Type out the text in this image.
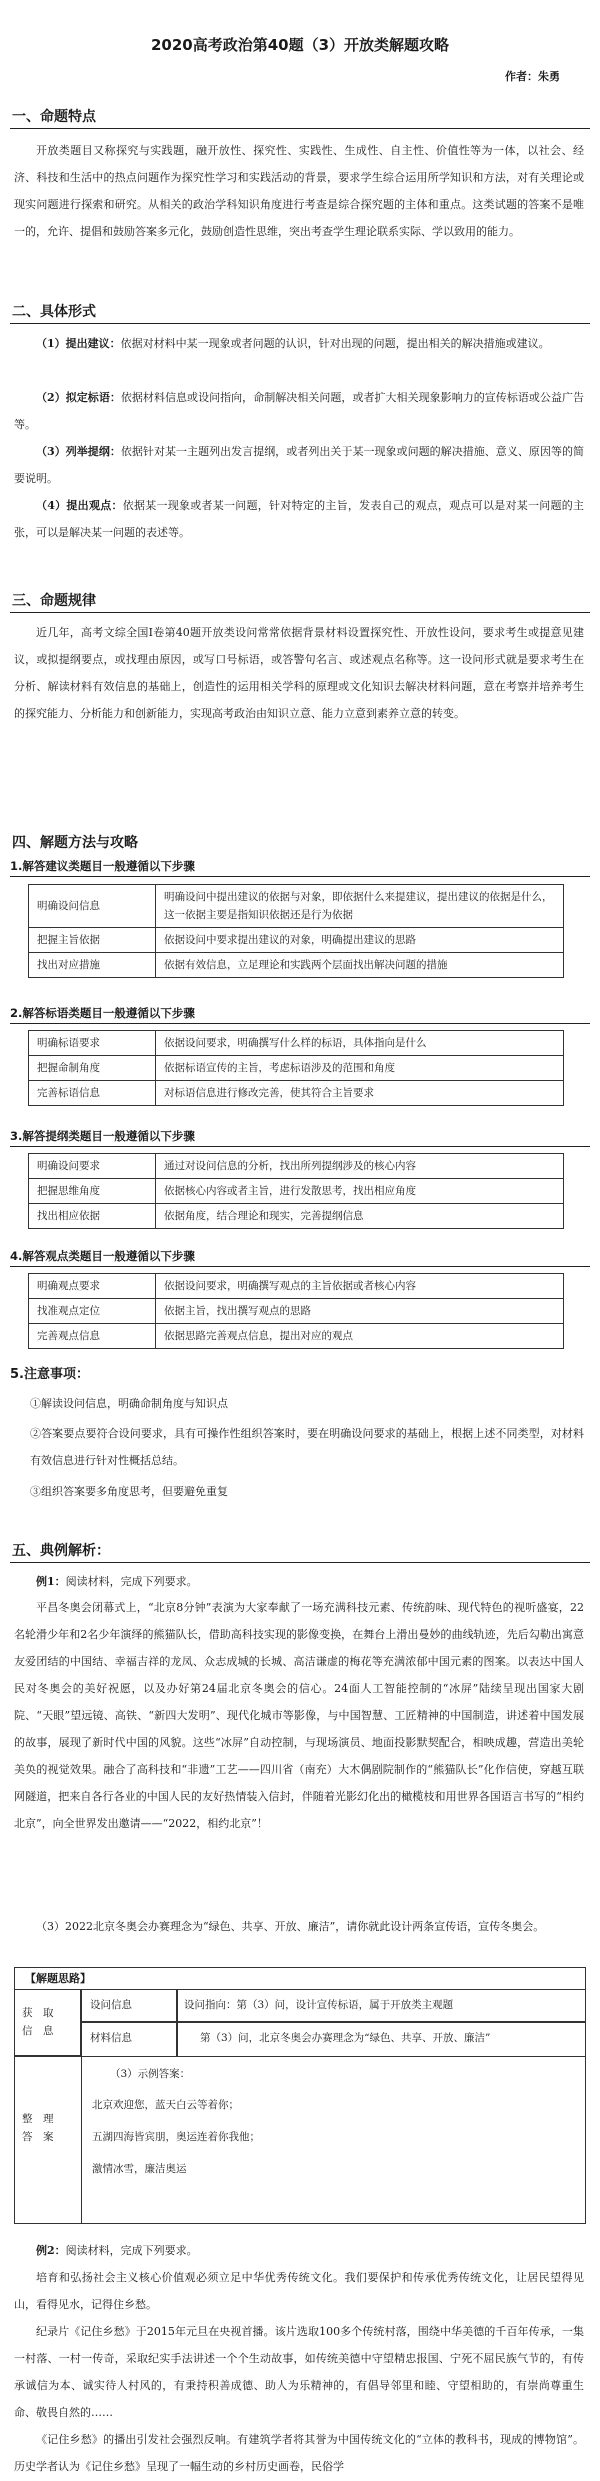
2020高考政治第40题（3）开放类解题攻略
作者：朱勇
一、命题特点

开放类题目又称探究与实践题，融开放性、探究性、实践性、生成性、自主性、价值性等为一体，以社会、经济、科技和生活中的热点问题作为探究性学习和实践活动的背景，要求学生综合运用所学知识和方法，对有关理论或现实问题进行探索和研究。从相关的政治学科知识角度进行考查是综合探究题的主体和重点。这类试题的答案不是唯一的，允许、提倡和鼓励答案多元化，鼓励创造性思维，突出考查学生理论联系实际、学以致用的能力。

二、具体形式

（1）提出建议：依据对材料中某一现象或者问题的认识，针对出现的问题，提出相关的解决措施或建议。

（2）拟定标语：依据材料信息或设问指向，命制解决相关问题，或者扩大相关现象影响力的宣传标语或公益广告等。

（3）列举提纲：依据针对某一主题列出发言提纲，或者列出关于某一现象或问题的解决措施、意义、原因等的简要说明。

（4）提出观点：依据某一现象或者某一问题，针对特定的主旨，发表自己的观点，观点可以是对某一问题的主张，可以是解决某一问题的表述等。

三、命题规律

近几年，高考文综全国Ⅰ卷第40题开放类设问常常依据背景材料设置探究性、开放性设问，要求考生或提意见建议，或拟提纲要点，或找理由原因，或写口号标语，或答警句名言、或述观点名称等。这一设问形式就是要求考生在分析、解读材料有效信息的基础上，创造性的运用相关学科的原理或文化知识去解决材料问题，意在考察并培养考生的探究能力、分析能力和创新能力，实现高考政治由知识立意、能力立意到素养立意的转变。

四、解题方法与攻略
1.解答建议类题目一般遵循以下步骤
明确设问信息	明确设问中提出建议的依据与对象，即依据什么来提建议，提出建议的依据是什么，这一依据主要是指知识依据还是行为依据
把握主旨依据	依据设问中要求提出建议的对象，明确提出建议的思路
找出对应措施	依据有效信息，立足理论和实践两个层面找出解决问题的措施
2.解答标语类题目一般遵循以下步骤
明确标语要求	依据设问要求，明确撰写什么样的标语，具体指向是什么
把握命制角度	依据标语宣传的主旨，考虑标语涉及的范围和角度
完善标语信息	对标语信息进行修改完善，使其符合主旨要求
3.解答提纲类题目一般遵循以下步骤
明确设问要求	通过对设问信息的分析，找出所列提纲涉及的核心内容
把握思维角度	依据核心内容或者主旨，进行发散思考，找出相应角度
找出相应依据	依据角度，结合理论和现实，完善提纲信息
4.解答观点类题目一般遵循以下步骤
明确观点要求	依据设问要求，明确撰写观点的主旨依据或者核心内容
找准观点定位	依据主旨，找出撰写观点的思路
完善观点信息	依据思路完善观点信息，提出对应的观点
5.注意事项：

①解读设问信息，明确命制角度与知识点

②答案要点要符合设问要求，具有可操作性组织答案时，要在明确设问要求的基础上，根据上述不同类型，对材料有效信息进行针对性概括总结。

③组织答案要多角度思考，但要避免重复

五、典例解析：

例1：阅读材料，完成下列要求。

平昌冬奥会闭幕式上，“北京8分钟”表演为大家奉献了一场充满科技元素、传统韵味、现代特色的视听盛宴，22名轮滑少年和2名少年演绎的熊猫队长，借助高科技实现的影像变换，在舞台上滑出曼妙的曲线轨迹，先后勾勒出寓意友爱团结的中国结、幸福吉祥的龙凤、众志成城的长城、高洁谦虚的梅花等充满浓郁中国元素的图案。以表达中国人民对冬奥会的美好祝愿，以及办好第24届北京冬奥会的信心。24面人工智能控制的“冰屏”陆续呈现出国家大剧院、“天眼”望远镜、高铁、“新四大发明”、现代化城市等影像，与中国智慧、工匠精神的中国制造，讲述着中国发展的故事，展现了新时代中国的风貌。这些“冰屏”自动控制，与现场演员、地面投影默契配合，相映成趣，营造出美轮美奂的视觉效果。融合了高科技和“非遗”工艺——四川省（南充）大木偶剧院制作的“熊猫队长”化作信使，穿越互联网隧道，把来自各行各业的中国人民的友好热情装入信封，伴随着光影幻化出的橄榄枝和用世界各国语言书写的“相约北京”，向全世界发出邀请——“2022，相约北京”！

（3）2022北京冬奥会办赛理念为“绿色、共享、开放、廉洁”，请你就此设计两条宣传语，宣传冬奥会。

【解题思路】
获　取
信　息
设问信息	设问指向：第（3）问，设计宣传标语，属于开放类主观题
材料信息	第（3）问，北京冬奥会办赛理念为“绿色、共享、开放、廉洁”
整　理
答　案
（3）示例答案：
北京欢迎您，蓝天白云等着你；
五湖四海皆宾朋，奥运连着你我他；
激情冰雪，廉洁奥运

例2：阅读材料，完成下列要求。

培育和弘扬社会主义核心价值观必须立足中华优秀传统文化。我们要保护和传承优秀传统文化，让居民望得见山，看得见水，记得住乡愁。

纪录片《记住乡愁》于2015年元旦在央视首播。该片选取100多个传统村落，围绕中华美德的千百年传承，一集一村落、一村一传奇，采取纪实手法讲述一个个生动故事，如传统美德中守望精忠报国、宁死不屈民族气节的，有传承诚信为本、诚实待人村风的，有秉持积善成德、助人为乐精神的，有倡导邻里和睦、守望相助的，有崇尚尊重生命、敬畏自然的……

《记住乡愁》的播出引发社会强烈反响。有建筑学者将其誉为中国传统文化的“立体的教科书，现成的博物馆”。历史学者认为《记住乡愁》呈现了一幅生动的乡村历史画卷，民俗学
